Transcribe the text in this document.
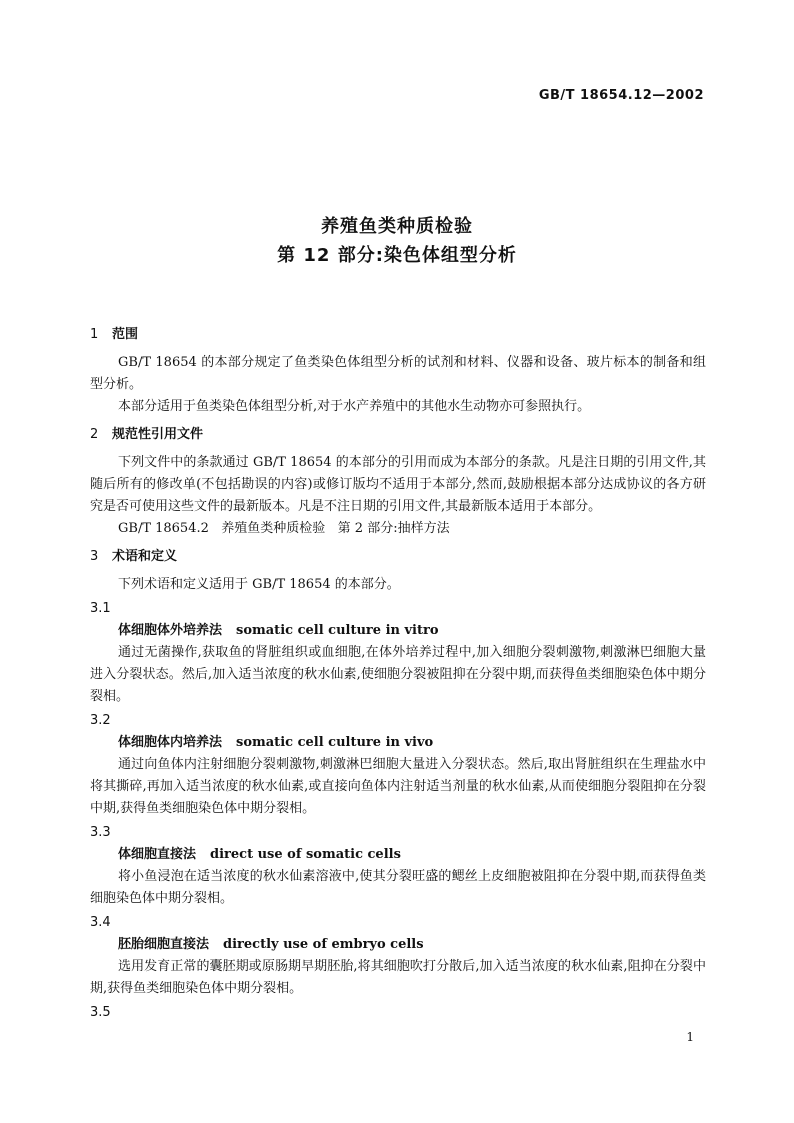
GB/T 18654.12—2002
养殖鱼类种质检验
第 12 部分:染色体组型分析
1 范围
GB/T 18654 的本部分规定了鱼类染色体组型分析的试剂和材料、仪器和设备、玻片标本的制备和组型分析。
本部分适用于鱼类染色体组型分析,对于水产养殖中的其他水生动物亦可参照执行。
2 规范性引用文件
下列文件中的条款通过 GB/T 18654 的本部分的引用而成为本部分的条款。凡是注日期的引用文件,其随后所有的修改单(不包括勘误的内容)或修订版均不适用于本部分,然而,鼓励根据本部分达成协议的各方研究是否可使用这些文件的最新版本。凡是不注日期的引用文件,其最新版本适用于本部分。
GB/T 18654.2   养殖鱼类种质检验   第 2 部分:抽样方法
3 术语和定义
下列术语和定义适用于 GB/T 18654 的本部分。
3.1
体细胞体外培养法 somatic cell culture in vitro
通过无菌操作,获取鱼的肾脏组织或血细胞,在体外培养过程中,加入细胞分裂刺激物,刺激淋巴细胞大量进入分裂状态。然后,加入适当浓度的秋水仙素,使细胞分裂被阻抑在分裂中期,而获得鱼类细胞染色体中期分裂相。
3.2
体细胞体内培养法 somatic cell culture in vivo
通过向鱼体内注射细胞分裂刺激物,刺激淋巴细胞大量进入分裂状态。然后,取出肾脏组织在生理盐水中将其撕碎,再加入适当浓度的秋水仙素,或直接向鱼体内注射适当剂量的秋水仙素,从而使细胞分裂阻抑在分裂中期,获得鱼类细胞染色体中期分裂相。
3.3
体细胞直接法 direct use of somatic cells
将小鱼浸泡在适当浓度的秋水仙素溶液中,使其分裂旺盛的鳃丝上皮细胞被阻抑在分裂中期,而获得鱼类细胞染色体中期分裂相。
3.4
胚胎细胞直接法 directly use of embryo cells
选用发育正常的囊胚期或原肠期早期胚胎,将其细胞吹打分散后,加入适当浓度的秋水仙素,阻抑在分裂中期,获得鱼类细胞染色体中期分裂相。
3.5
1
